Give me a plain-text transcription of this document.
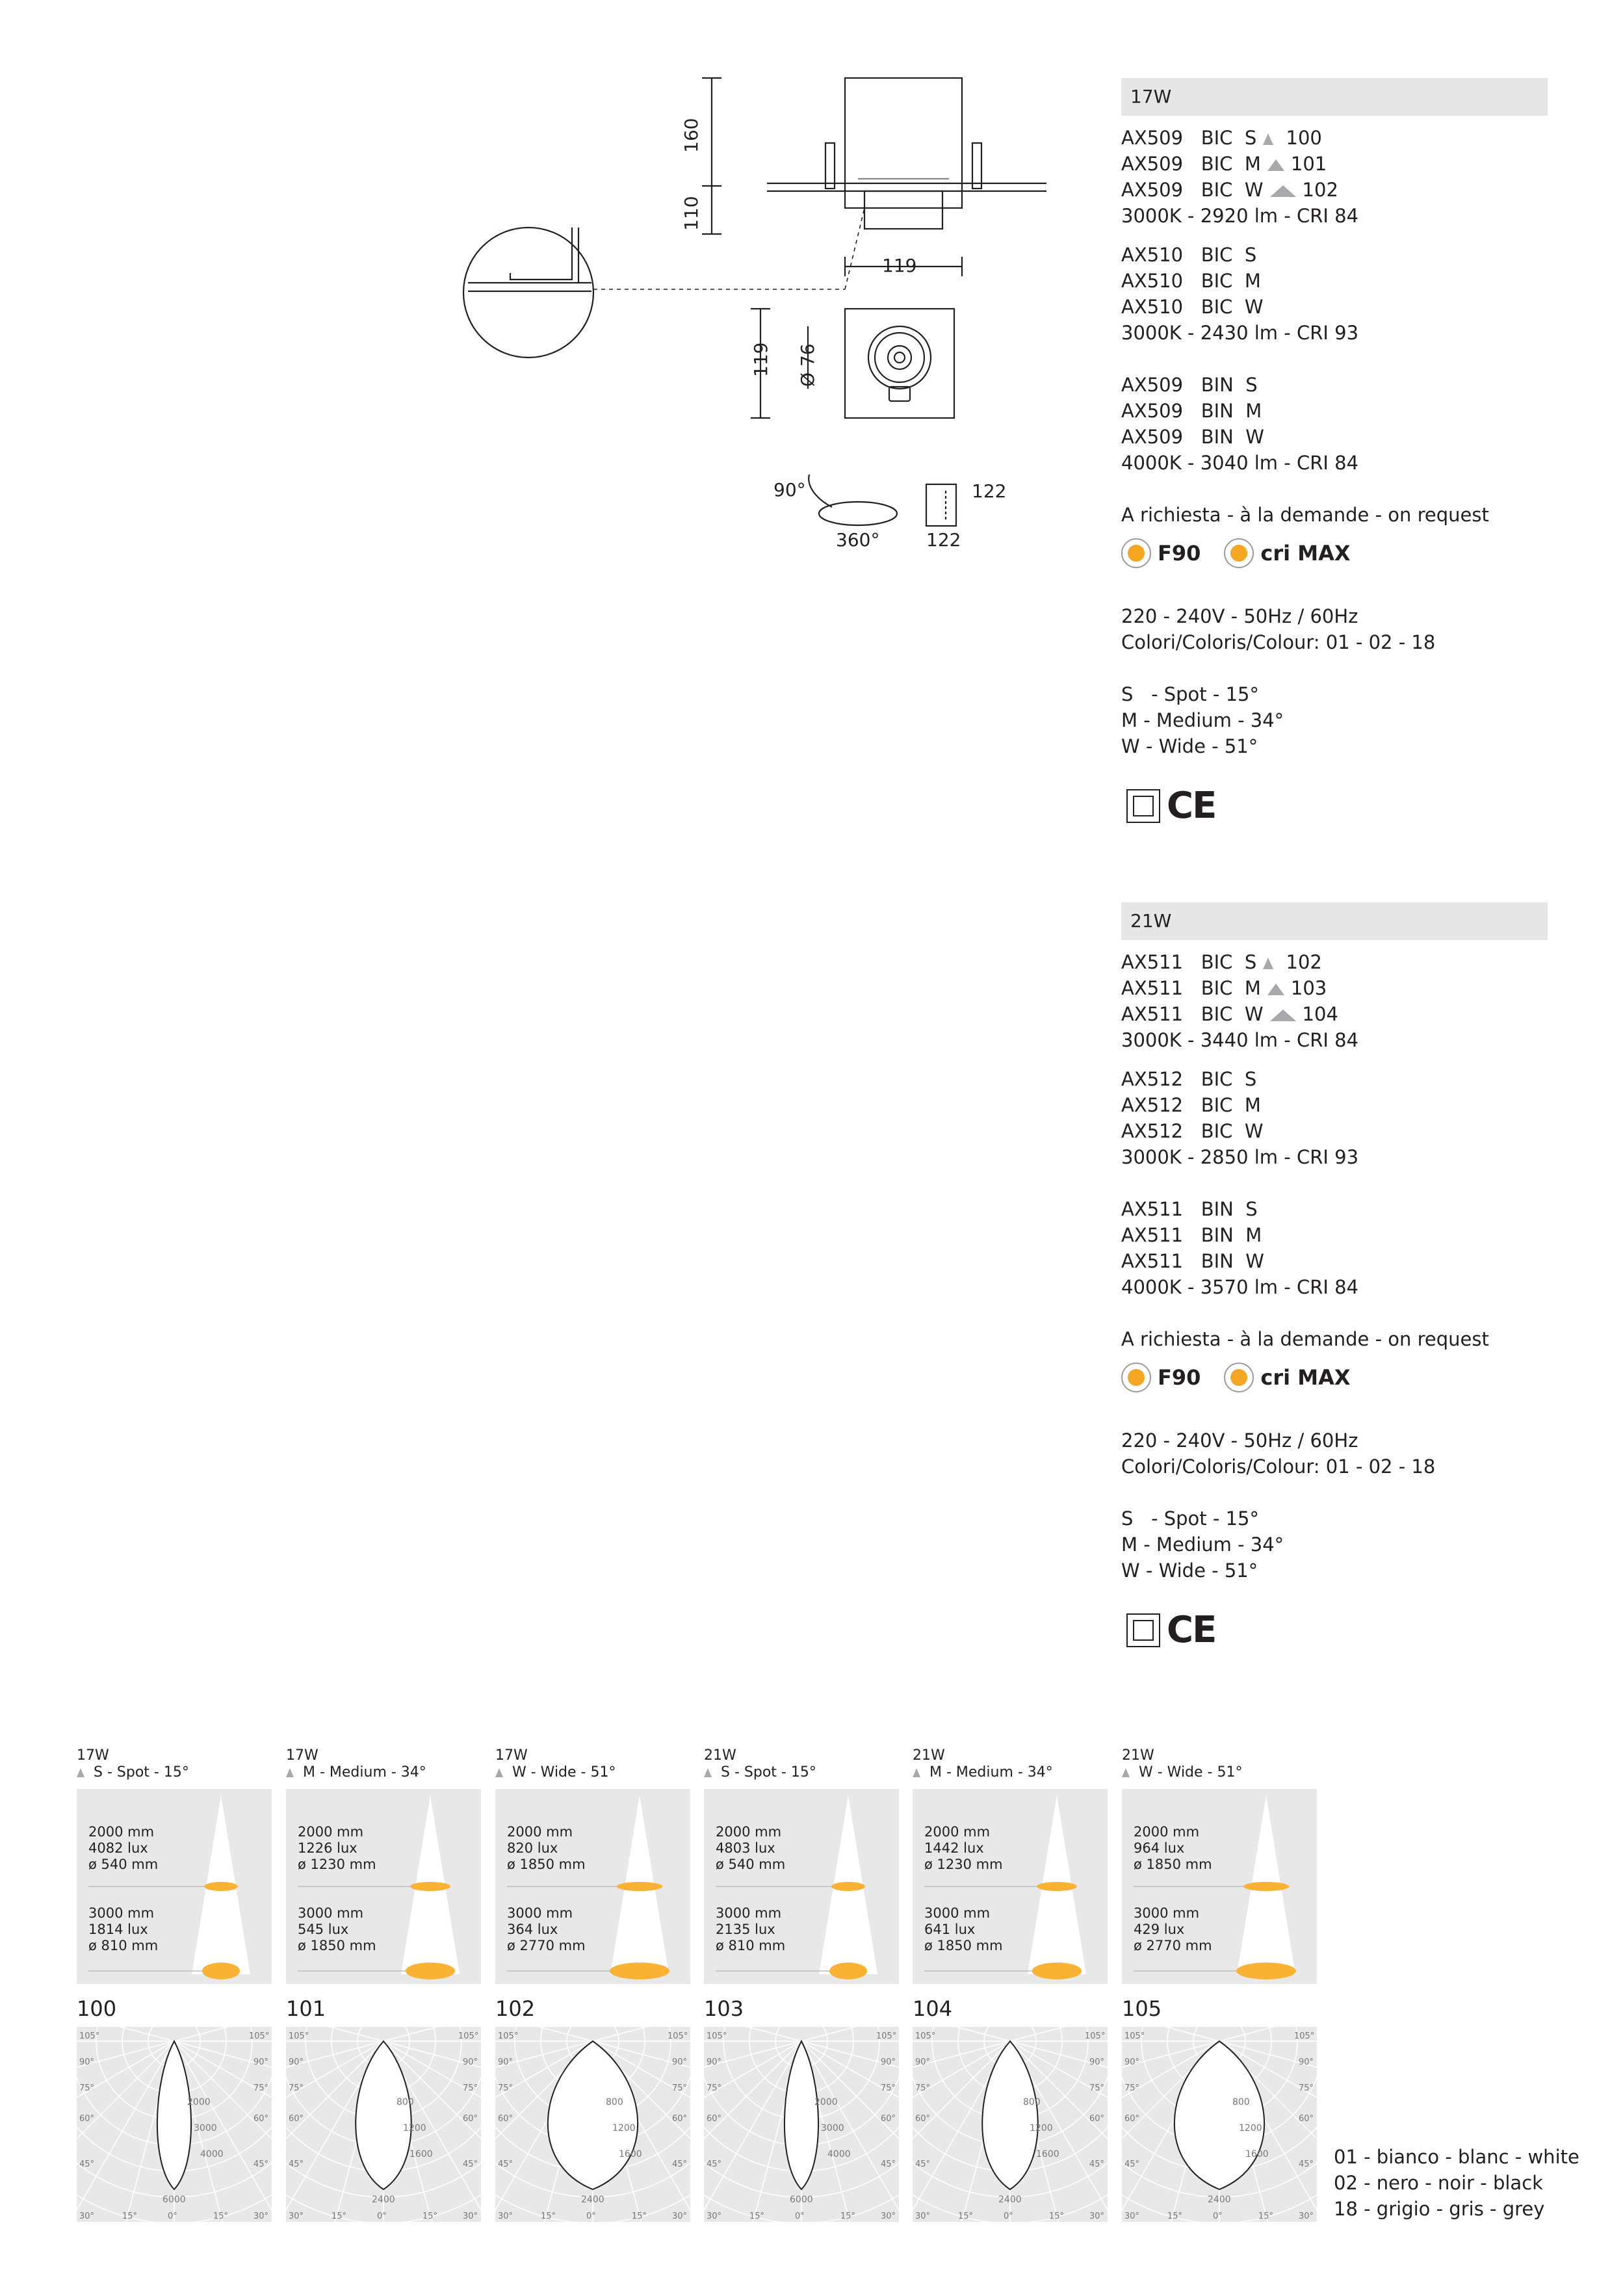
160
110
119
119 Ø 76
90°
360°
122
122
17W
AX509 BIC S 100
AX509 BIC M 101
AX509 BIC W 102
3000K - 2920 lm - CRI 84
AX510   BIC  S
AX510   BIC  M
AX510   BIC  W
3000K - 2430 lm - CRI 93
AX509   BIN  S
AX509   BIN  M
AX509   BIN  W
4000K - 3040 lm - CRI 84
A richiesta - à la demande - on request
F90	cri MAX
220 - 240V - 50Hz / 60Hz
Colori/Coloris/Colour: 01 - 02 - 18
S   - Spot - 15°
M - Medium - 34°
W - Wide - 51°
CE
21W
AX511 BIC S 102
AX511 BIC M 103
AX511 BIC W 104
3000K - 3440 lm - CRI 84
AX512   BIC  S
AX512   BIC  M
AX512   BIC  W
3000K - 2850 lm - CRI 93
AX511   BIN  S
AX511   BIN  M
AX511   BIN  W
4000K - 3570 lm - CRI 84
A richiesta - à la demande - on request
F90	cri MAX
220 - 240V - 50Hz / 60Hz
Colori/Coloris/Colour: 01 - 02 - 18
S   - Spot - 15°
M - Medium - 34°
W - Wide - 51°
CE
17W
S - Spot - 15°
2000 mm
4082 lux
ø 540 mm
3000 mm
1814 lux
ø 810 mm
100
105°	105°
90°	90°
75°	75°
60°	60°
45°	45°
30°	30°
15°	15°
0°
2000
3000
4000
6000
17W
M - Medium - 34°
2000 mm
1226 lux
ø 1230 mm
3000 mm
545 lux
ø 1850 mm
101
105°	105°
90°	90°
75°	75°
60°	60°
45°	45°
30°	30°
15°	15°
0°
800
1200
1600
2400
17W
W - Wide - 51°
2000 mm
820 lux
ø 1850 mm
3000 mm
364 lux
ø 2770 mm
102
105°	105°
90°	90°
75°	75°
60°	60°
45°	45°
30°	30°
15°	15°
0°
800
1200
1600
2400
21W
S - Spot - 15°
2000 mm
4803 lux
ø 540 mm
3000 mm
2135 lux
ø 810 mm
103
105°	105°
90°	90°
75°	75°
60°	60°
45°	45°
30°	30°
15°	15°
0°
2000
3000
4000
6000
21W
M - Medium - 34°
2000 mm
1442 lux
ø 1230 mm
3000 mm
641 lux
ø 1850 mm
104
105°	105°
90°	90°
75°	75°
60°	60°
45°	45°
30°	30°
15°	15°
0°
800
1200
1600
2400
21W
W - Wide - 51°
2000 mm
964 lux
ø 1850 mm
3000 mm
429 lux
ø 2770 mm
105
105°	105°
90°	90°
75°	75°
60°	60°
45°	45°
30°	30°
15°	15°
0°
800
1200
1600
2400
01 - bianco - blanc - white
02 - nero - noir - black
18 - grigio - gris - grey
